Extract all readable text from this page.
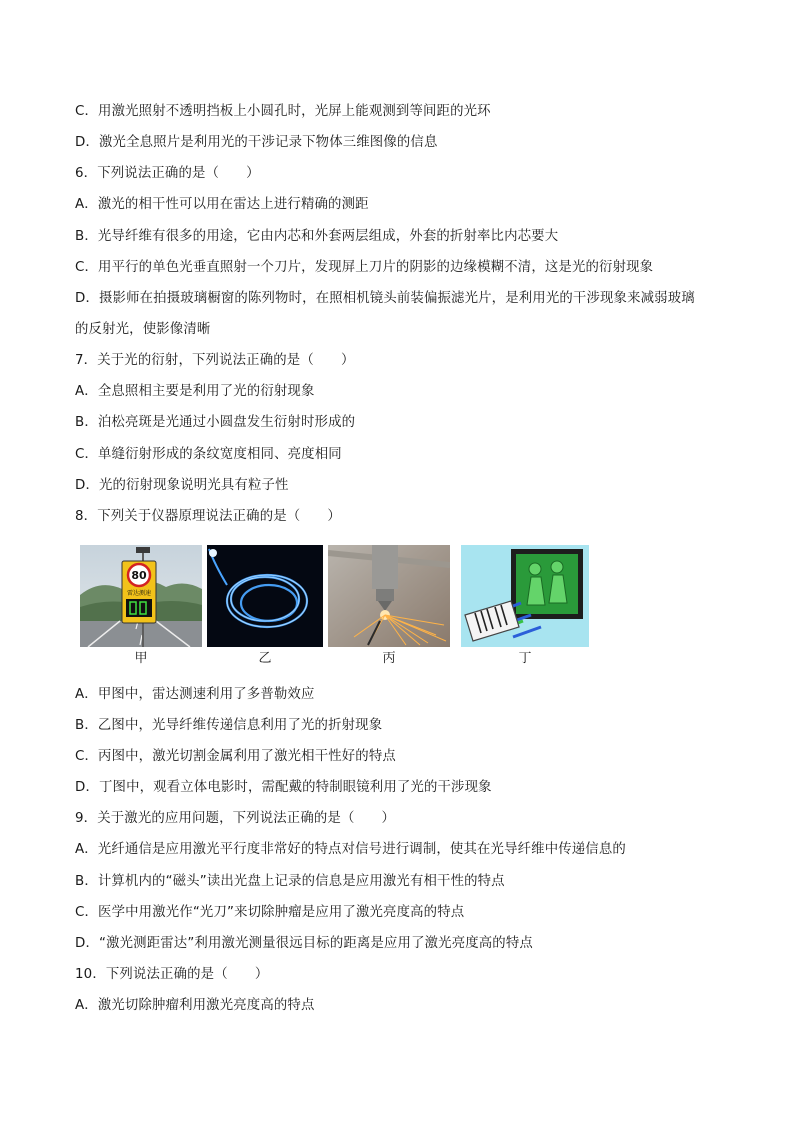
C．用激光照射不透明挡板上小圆孔时，光屏上能观测到等间距的光环
D．激光全息照片是利用光的干涉记录下物体三维图像的信息
6．下列说法正确的是（　　）
A．激光的相干性可以用在雷达上进行精确的测距
B．光导纤维有很多的用途，它由内芯和外套两层组成，外套的折射率比内芯要大
C．用平行的单色光垂直照射一个刀片，发现屏上刀片的阴影的边缘模糊不清，这是光的衍射现象
D．摄影师在拍摄玻璃橱窗的陈列物时，在照相机镜头前装偏振滤光片，是利用光的干涉现象来减弱玻璃
的反射光，使影像清晰
7．关于光的衍射，下列说法正确的是（　　）
A．全息照相主要是利用了光的衍射现象
B．泊松亮斑是光通过小圆盘发生衍射时形成的
C．单缝衍射形成的条纹宽度相同、亮度相同
D．光的衍射现象说明光具有粒子性
8．下列关于仪器原理说法正确的是（　　）
80
雷达测速
甲	乙	丙	丁
A．甲图中，雷达测速利用了多普勒效应
B．乙图中，光导纤维传递信息利用了光的折射现象
C．丙图中，激光切割金属利用了激光相干性好的特点
D．丁图中，观看立体电影时，需配戴的特制眼镜利用了光的干涉现象
9．关于激光的应用问题，下列说法正确的是（　　）
A．光纤通信是应用激光平行度非常好的特点对信号进行调制，使其在光导纤维中传递信息的
B．计算机内的“磁头”读出光盘上记录的信息是应用激光有相干性的特点
C．医学中用激光作“光刀”来切除肿瘤是应用了激光亮度高的特点
D．“激光测距雷达”利用激光测量很远目标的距离是应用了激光亮度高的特点
10．下列说法正确的是（　　）
A．激光切除肿瘤利用激光亮度高的特点
